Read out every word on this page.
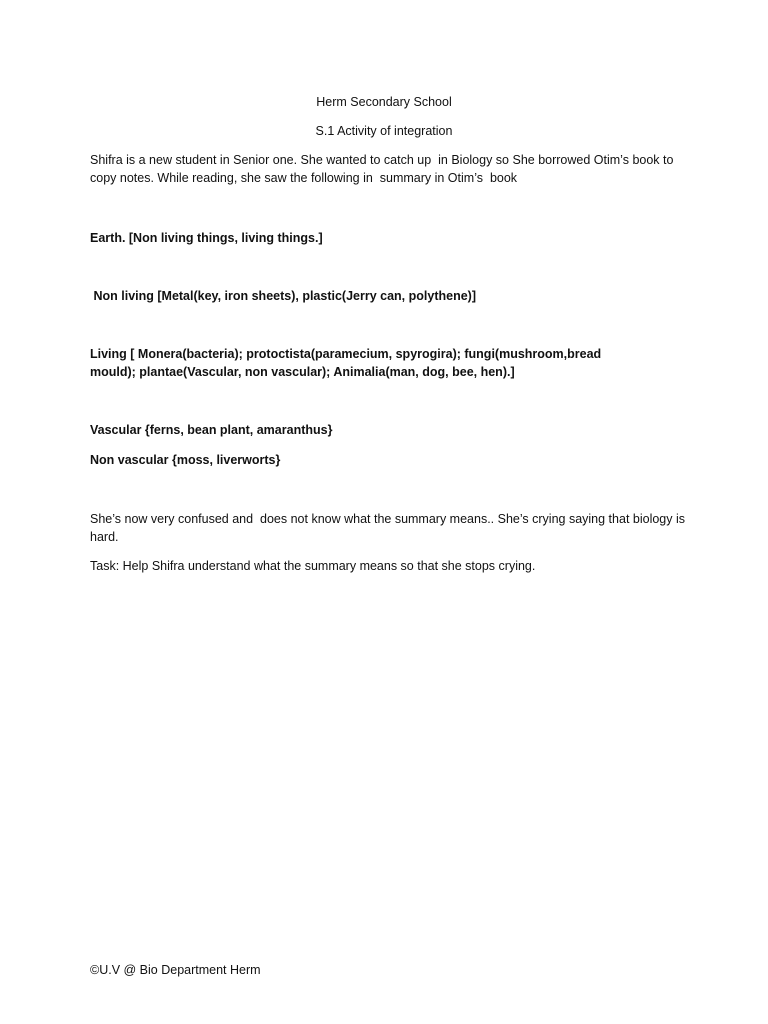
Herm Secondary School
S.1 Activity of integration
Shifra is a new student in Senior one. She wanted to catch up  in Biology so She borrowed Otim’s book to copy notes. While reading, she saw the following in  summary in Otim’s  book
Earth. [Non living things, living things.]
Non living [Metal(key, iron sheets), plastic(Jerry can, polythene)]
Living [ Monera(bacteria); protoctista(paramecium, spyrogira); fungi(mushroom,bread mould); plantae(Vascular, non vascular); Animalia(man, dog, bee, hen).]
Vascular {ferns, bean plant, amaranthus}
Non vascular {moss, liverworts}
She’s now very confused and  does not know what the summary means.. She’s crying saying that biology is hard.
Task: Help Shifra understand what the summary means so that she stops crying.
©U.V @ Bio Department Herm
